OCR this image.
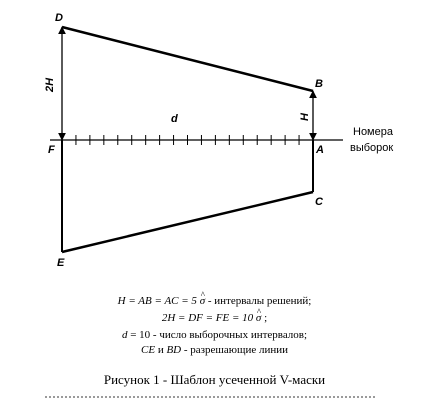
D
B
F	A
C
E
2H
H
d
Номера
выборок
H = AB = AC = 5 σ ^ - интервалы решений;
2H = DF = FE = 10 σ ^ ;
d = 10 - число выборочных интервалов;
CE и BD - разрешающие линии
Рисунок 1 - Шаблон усеченной V-маски
